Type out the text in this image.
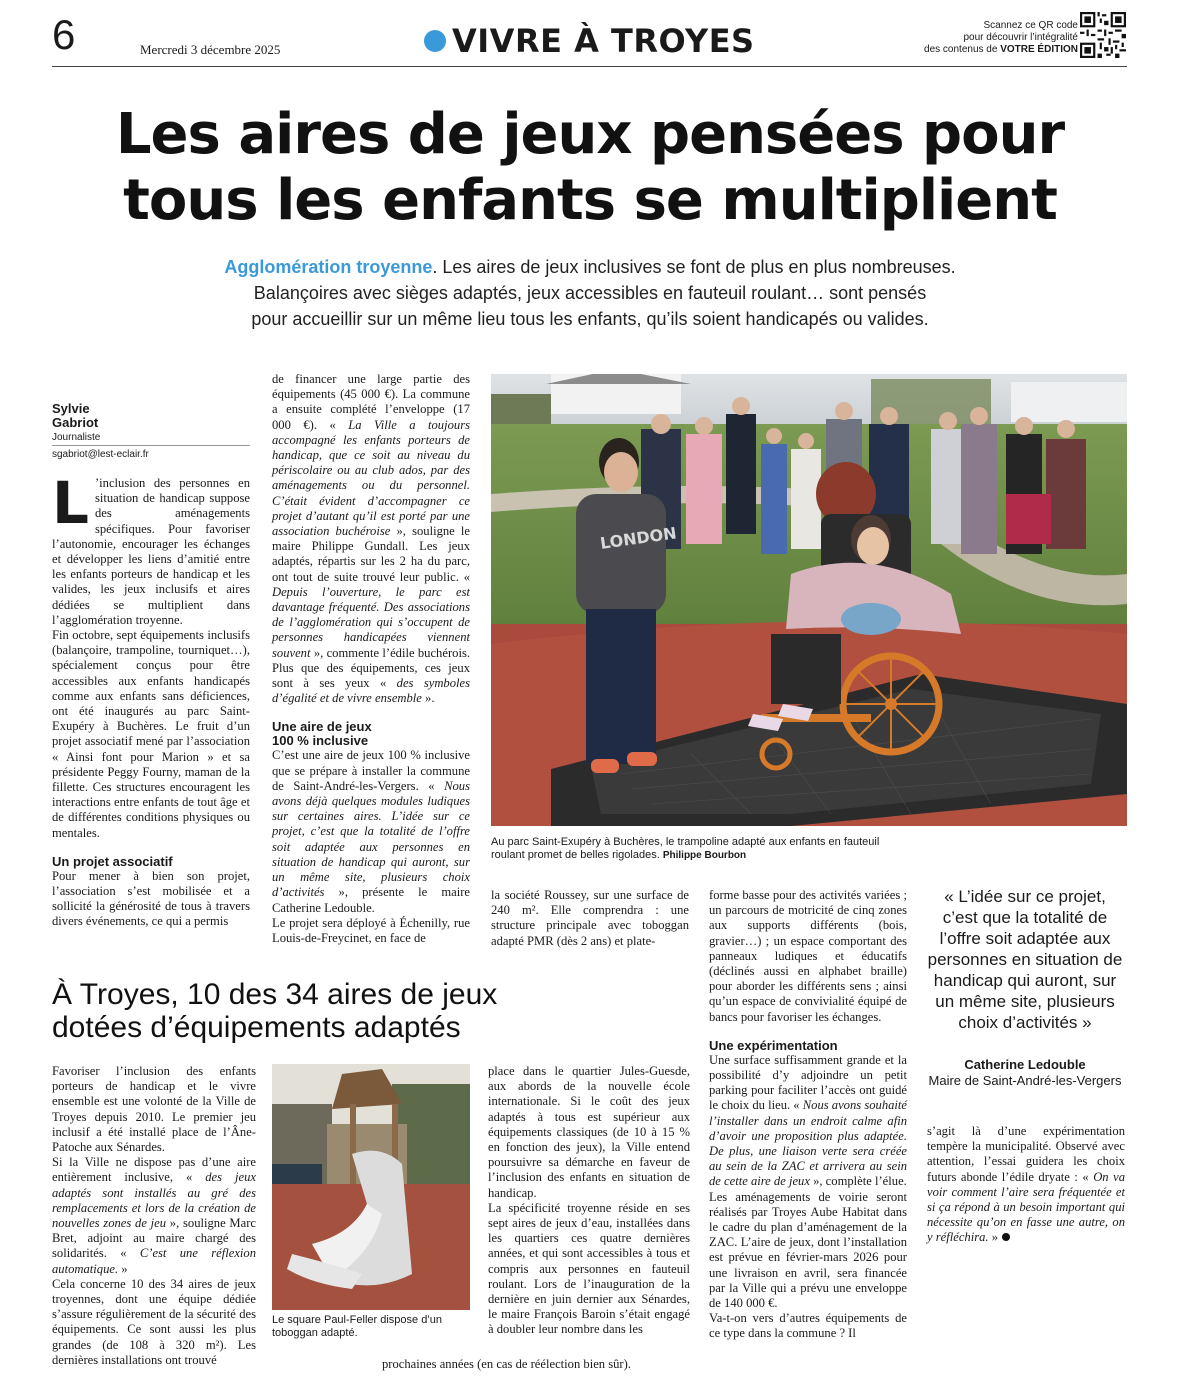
6	Mercredi 3 décembre 2025	VIVRE À TROYES	Scannez ce QR code
pour découvrir l’intégralité
des contenus de VOTRE ÉDITION
Les aires de jeux pensées pour
tous les enfants se multiplient
Agglomération troyenne. Les aires de jeux inclusives se font de plus en plus nombreuses.
Balançoires avec sièges adaptés, jeux accessibles en fauteuil roulant… sont pensés
pour accueillir sur un même lieu tous les enfants, qu’ils soient handicapés ou valides.
Sylvie
Gabriot
Journaliste
sgabriot@lest-eclair.fr

L ’inclusion des personnes en situation de handicap suppose des aménagements spécifiques. Pour favoriser l’autonomie, encourager les échanges et développer les liens d’amitié entre les enfants porteurs de handicap et les valides, les jeux inclusifs et aires dédiées se multiplient dans l’agglomération troyenne.

Fin octobre, sept équipements inclusifs (balançoire, trampoline, tourniquet…), spécialement conçus pour être accessibles aux enfants handicapés comme aux enfants sans déficiences, ont été inaugurés au parc Saint-Exupéry à Buchères. Le fruit d’un projet associatif mené par l’association « Ainsi font pour Marion » et sa présidente Peggy Fourny, maman de la fillette. Ces structures encouragent les interactions entre enfants de tout âge et de différentes conditions physiques ou mentales.

Un projet associatif

Pour mener à bien son projet, l’association s’est mobilisée et a sollicité la générosité de tous à travers divers événements, ce qui a permis

de financer une large partie des équipements (45 000 €). La commune a ensuite complété l’enveloppe (17 000 €). « La Ville a toujours accompagné les enfants porteurs de handicap, que ce soit au niveau du périscolaire ou au club ados, par des aménagements ou du personnel. C’était évident d’accompagner ce projet d’autant qu’il est porté par une association buchéroise », souligne le maire Philippe Gundall. Les jeux adaptés, répartis sur les 2 ha du parc, ont tout de suite trouvé leur public. « Depuis l’ouverture, le parc est davantage fréquenté. Des associations de l’agglomération qui s’occupent de personnes handicapées viennent souvent », commente l’édile buchérois. Plus que des équipements, ces jeux sont à ses yeux « des symboles d’égalité et de vivre ensemble ».

Une aire de jeux
100 % inclusive

C’est une aire de jeux 100 % inclusive que se prépare à installer la commune de Saint-André-les-Vergers. « Nous avons déjà quelques modules ludiques sur certaines aires. L’idée sur ce projet, c’est que la totalité de l’offre soit adaptée aux personnes en situation de handicap qui auront, sur un même site, plusieurs choix d’activités », présente le maire Catherine Ledouble.

Le projet sera déployé à Échenilly, rue Louis-de-Freycinet, en face de

LONDON
Au parc Saint-Exupéry à Buchères, le trampoline adapté aux enfants en fauteuil roulant promet de belles rigolades. Philippe Bourbon

la société Roussey, sur une surface de 240 m². Elle comprendra : une structure principale avec toboggan adapté PMR (dès 2 ans) et plate-

forme basse pour des activités variées ; un parcours de motricité de cinq zones aux supports différents (bois, gravier…) ; un espace comportant des panneaux ludiques et éducatifs (déclinés aussi en alphabet braille) pour aborder les différents sens ; ainsi qu’un espace de convivialité équipé de bancs pour favoriser les échanges.

Une expérimentation

Une surface suffisamment grande et la possibilité d’y adjoindre un petit parking pour faciliter l’accès ont guidé le choix du lieu. « Nous avons souhaité l’installer dans un endroit calme afin d’avoir une proposition plus adaptée. De plus, une liaison verte sera créée au sein de la ZAC et arrivera au sein de cette aire de jeux », complète l’élue.

Les aménagements de voirie seront réalisés par Troyes Aube Habitat dans le cadre du plan d’aménagement de la ZAC. L’aire de jeux, dont l’installation est prévue en février-mars 2026 pour une livraison en avril, sera financée par la Ville qui a prévu une enveloppe de 140 000 €.

Va-t-on vers d’autres équipements de ce type dans la commune ? Il

« L’idée sur ce projet, c’est que la totalité de l’offre soit adaptée aux personnes en situation de handicap qui auront, sur un même site, plusieurs choix d’activités »
Catherine Ledouble
Maire de Saint-André-les-Vergers

s’agit là d’une expérimentation tempère la municipalité. Observé avec attention, l’essai guidera les choix futurs abonde l’édile dryate : « On va voir comment l’aire sera fréquentée et si ça répond à un besoin important qui nécessite qu’on en fasse une autre, on y réfléchira. »

À Troyes, 10 des 34 aires de jeux
dotées d’équipements adaptés

Favoriser l’inclusion des enfants porteurs de handicap et le vivre ensemble est une volonté de la Ville de Troyes depuis 2010. Le premier jeu inclusif a été installé place de l’Âne-Patoche aux Sénardes.

Si la Ville ne dispose pas d’une aire entièrement inclusive, « des jeux adaptés sont installés au gré des remplacements et lors de la création de nouvelles zones de jeu », souligne Marc Bret, adjoint au maire chargé des solidarités. « C’est une réflexion automatique. »

Cela concerne 10 des 34 aires de jeux troyennes, dont une équipe dédiée s’assure régulièrement de la sécurité des équipements. Ce sont aussi les plus grandes (de 108 à 320 m²). Les dernières installations ont trouvé

Le square Paul-Feller dispose d’un toboggan adapté.

place dans le quartier Jules-Guesde, aux abords de la nouvelle école internationale. Si le coût des jeux adaptés à tous est supérieur aux équipements classiques (de 10 à 15 % en fonction des jeux), la Ville entend poursuivre sa démarche en faveur de l’inclusion des enfants en situation de handicap.

La spécificité troyenne réside en ses sept aires de jeux d’eau, installées dans les quartiers ces quatre dernières années, et qui sont accessibles à tous et compris aux personnes en fauteuil roulant. Lors de l’inauguration de la dernière en juin dernier aux Sénardes, le maire François Baroin s’était engagé à doubler leur nombre dans les

prochaines années (en cas de réélection bien sûr).
